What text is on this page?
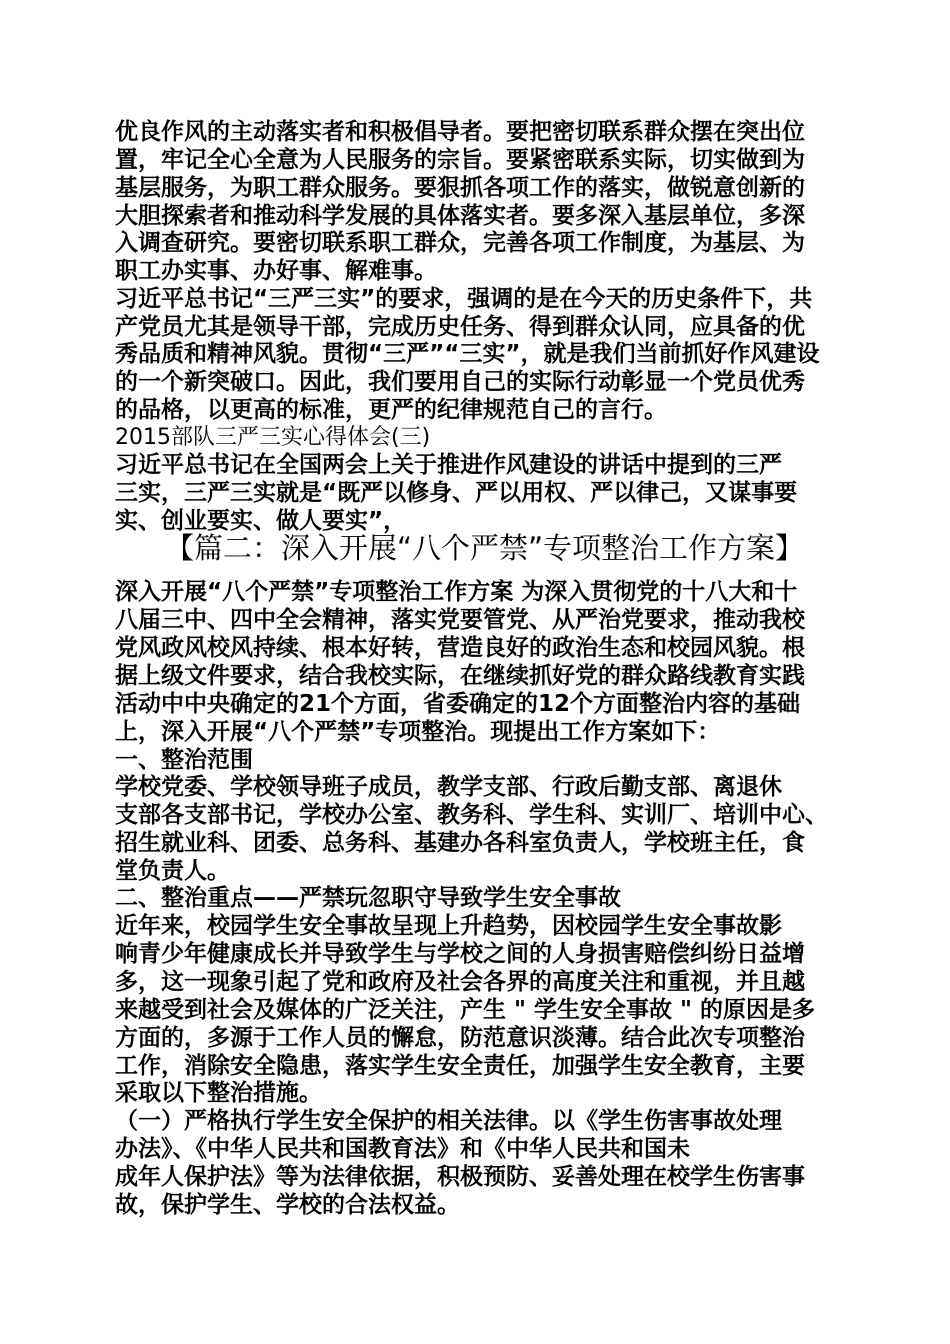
优良作风的主动落实者和积极倡导者。要把密切联系群众摆在突出位
置，牢记全心全意为人民服务的宗旨。要紧密联系实际，切实做到为
基层服务，为职工群众服务。要狠抓各项工作的落实，做锐意创新的
大胆探索者和推动科学发展的具体落实者。要多深入基层单位，多深
入调查研究。要密切联系职工群众，完善各项工作制度，为基层、为
职工办实事、办好事、解难事。
习近平总书记“三严三实”的要求，强调的是在今天的历史条件下，共
产党员尤其是领导干部，完成历史任务、得到群众认同，应具备的优
秀品质和精神风貌。贯彻“三严”“三实”，就是我们当前抓好作风建设
的一个新突破口。因此，我们要用自己的实际行动彰显一个党员优秀
的品格，以更高的标准，更严的纪律规范自己的言行。
2015部队三严三实心得体会(三)
习近平总书记在全国两会上关于推进作风建设的讲话中提到的三严
三实，三严三实就是“既严以修身、严以用权、严以律己，又谋事要
实、创业要实、做人要实”，
【篇二：深入开展“八个严禁”专项整治工作方案】
深入开展“八个严禁”专项整治工作方案 为深入贯彻党的十八大和十
八届三中、四中全会精神，落实党要管党、从严治党要求，推动我校
党风政风校风持续、根本好转，营造良好的政治生态和校园风貌。根
据上级文件要求，结合我校实际，在继续抓好党的群众路线教育实践
活动中中央确定的21个方面，省委确定的12个方面整治内容的基础
上，深入开展“八个严禁”专项整治。现提出工作方案如下：
一、整治范围
学校党委、学校领导班子成员，教学支部、行政后勤支部、离退休
支部各支部书记，学校办公室、教务科、学生科、实训厂、培训中心、
招生就业科、团委、总务科、基建办各科室负责人，学校班主任，食
堂负责人。
二、整治重点——严禁玩忽职守导致学生安全事故
近年来，校园学生安全事故呈现上升趋势，因校园学生安全事故影
响青少年健康成长并导致学生与学校之间的人身损害赔偿纠纷日益增
多，这一现象引起了党和政府及社会各界的高度关注和重视，并且越
来越受到社会及媒体的广泛关注，产生 " 学生安全事故 " 的原因是多
方面的，多源于工作人员的懈怠，防范意识淡薄。结合此次专项整治
工作，消除安全隐患，落实学生安全责任，加强学生安全教育，主要
采取以下整治措施。
（一）严格执行学生安全保护的相关法律。以《学生伤害事故处理
办法》、《中华人民共和国教育法》和《中华人民共和国未
成年人保护法》等为法律依据，积极预防、妥善处理在校学生伤害事
故，保护学生、学校的合法权益。
